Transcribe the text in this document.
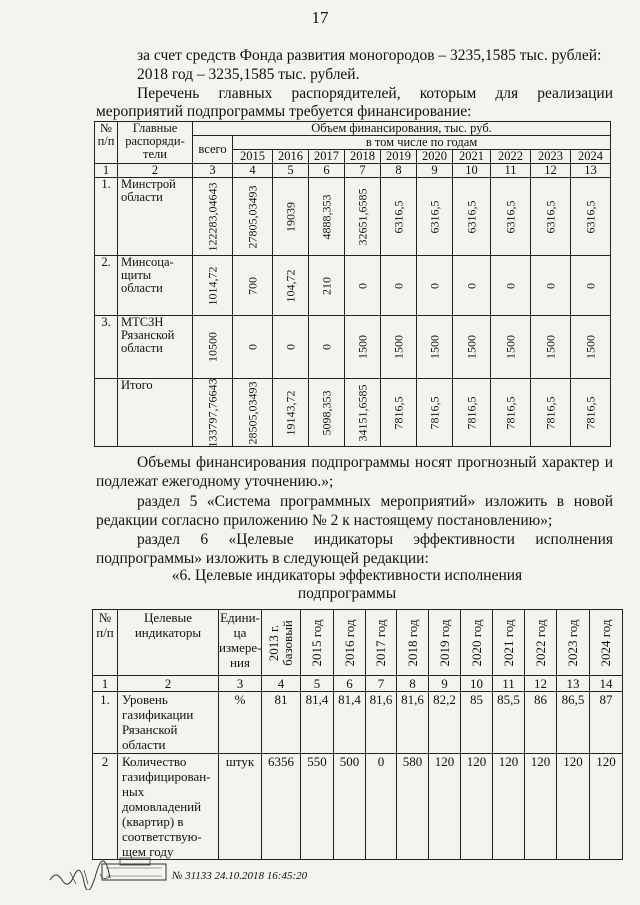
17

за счет средств Фонда развития моногородов – 3235,1585 тыс. рублей:

2018 год – 3235,1585 тыс. рублей.

Перечень главных распорядителей, которым для реализации

мероприятий подпрограммы требуется финансирование:

№ п/п	Главные распоряди-тели	Объем финансирования, тыс. руб.										
		всего	в том числе по годам									
			2015	2016	2017	2018	2019	2020	2021	2022	2023	2024
1	2	3	4	5	6	7	8	9	10	11	12	13
1.	Минстрой области	122283,04643	27805,03493	19039	4888,353	32651,6585	6316,5	6316,5	6316,5	6316,5	6316,5	6316,5

2.	Минсоца-щиты области	1014,72	700	104,72	210	0	0	0	0	0	0	0

3.	МТСЗН Рязанской области	10500	0	0	0	1500	1500	1500	1500	1500	1500	1500

	Итого	133797,76643	28505,03493	19143,72	5098,353	34151,6585	7816,5	7816,5	7816,5	7816,5	7816,5	7816,5

Объемы финансирования подпрограммы носят прогнозный характер и

подлежат ежегодному уточнению.»;

раздел 5 «Система программных мероприятий» изложить в новой

редакции согласно приложению № 2 к настоящему постановлению»;

раздел 6 «Целевые индикаторы эффективности исполнения

подпрограммы» изложить в следующей редакции:

«6. Целевые индикаторы эффективности исполнения

подпрограммы

№ п/п	Целевые индикаторы	Едини-ца измере-ния	2013 г. базовый	2015 год	2016 год	2017 год	2018 год	2019 год	2020 год	2021 год	2022 год	2023 год	2024 год

1	2	3	4	5	6	7	8	9	10	11	12	13	14
1.	Уровень газификации Рязанской области	%	81	81,4	81,4	81,6	81,6	82,2	85	85,5	86	86,5	87
2	Количество газифицирован-ных домовладений (квартир) в соответствую-щем году	штук	6356	550	500	0	580	120	120	120	120	120	120
№ 31133 24.10.2018 16:45:20
